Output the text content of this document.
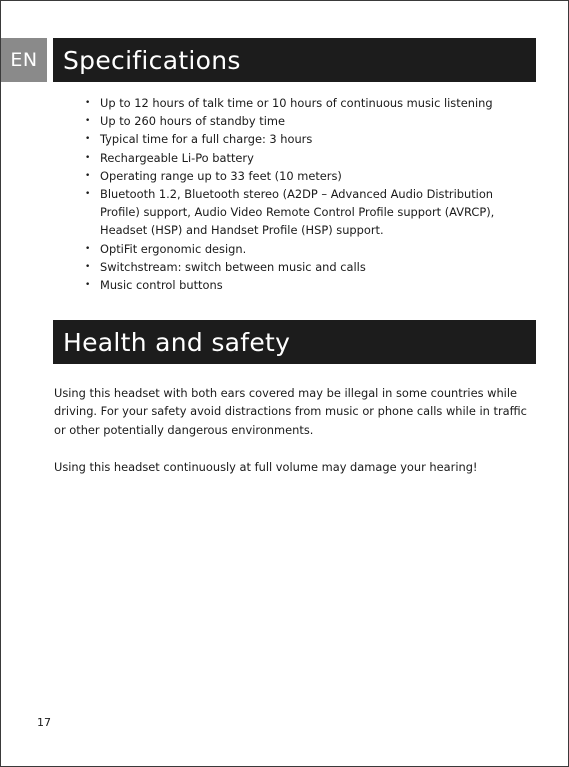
EN	Specifications
• Up to 12 hours of talk time or 10 hours of continuous music listening
• Up to 260 hours of standby time
• Typical time for a full charge: 3 hours
• Rechargeable Li-Po battery
• Operating range up to 33 feet (10 meters)
• Bluetooth 1.2, Bluetooth stereo (A2DP – Advanced Audio Distribution Profile) support, Audio Video Remote Control Profile support (AVRCP), Headset (HSP) and Handset Profile (HSP) support.
• OptiFit ergonomic design.
• Switchstream: switch between music and calls
• Music control buttons
Health and safety

Using this headset with both ears covered may be illegal in some countries while driving. For your safety avoid distractions from music or phone calls while in traffic or other potentially dangerous environments.

Using this headset continuously at full volume may damage your hearing!

17
